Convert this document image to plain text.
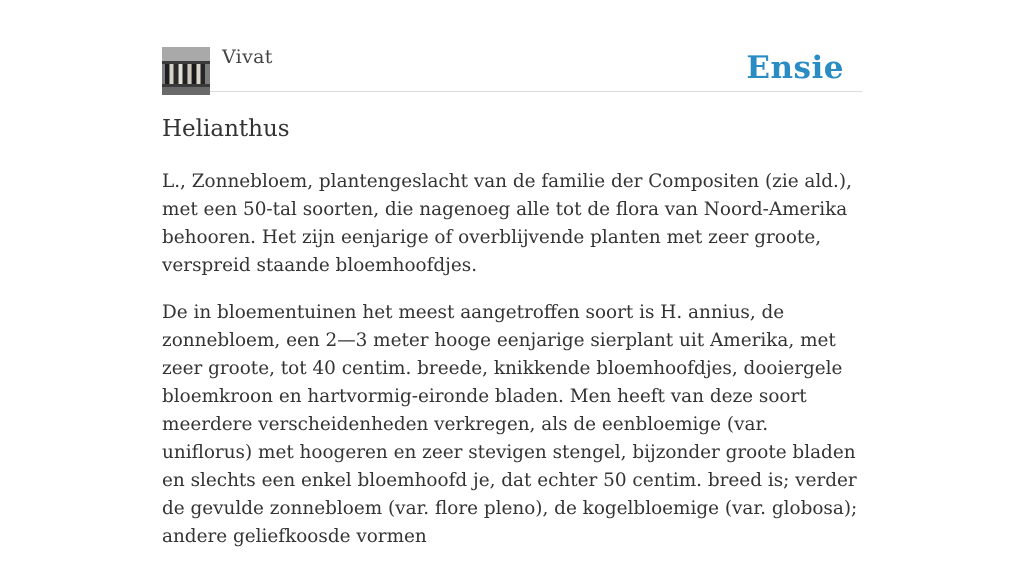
Vivat	Ensie
Helianthus

L., Zonnebloem, plantengeslacht van de familie der Compositen (zie ald.), met een 50-tal soorten, die nagenoeg alle tot de flora van Noord-Amerika behooren. Het zijn eenjarige of overblijvende planten met zeer groote, verspreid staande bloemhoofdjes.

De in bloementuinen het meest aangetroffen soort is H. annius, de zonnebloem, een 2—3 meter hooge eenjarige sierplant uit Amerika, met zeer groote, tot 40 centim. breede, knikkende bloemhoofdjes, dooiergele bloemkroon en hartvormig-eironde bladen. Men heeft van deze soort meerdere verscheidenheden verkregen, als de eenbloemige (var. uniflorus) met hoogeren en zeer stevigen stengel, bijzonder groote bladen en slechts een enkel bloemhoofd je, dat echter 50 centim. breed is; verder de gevulde zonnebloem (var. flore pleno), de kogelbloemige (var. globosa); andere geliefkoosde vormen
